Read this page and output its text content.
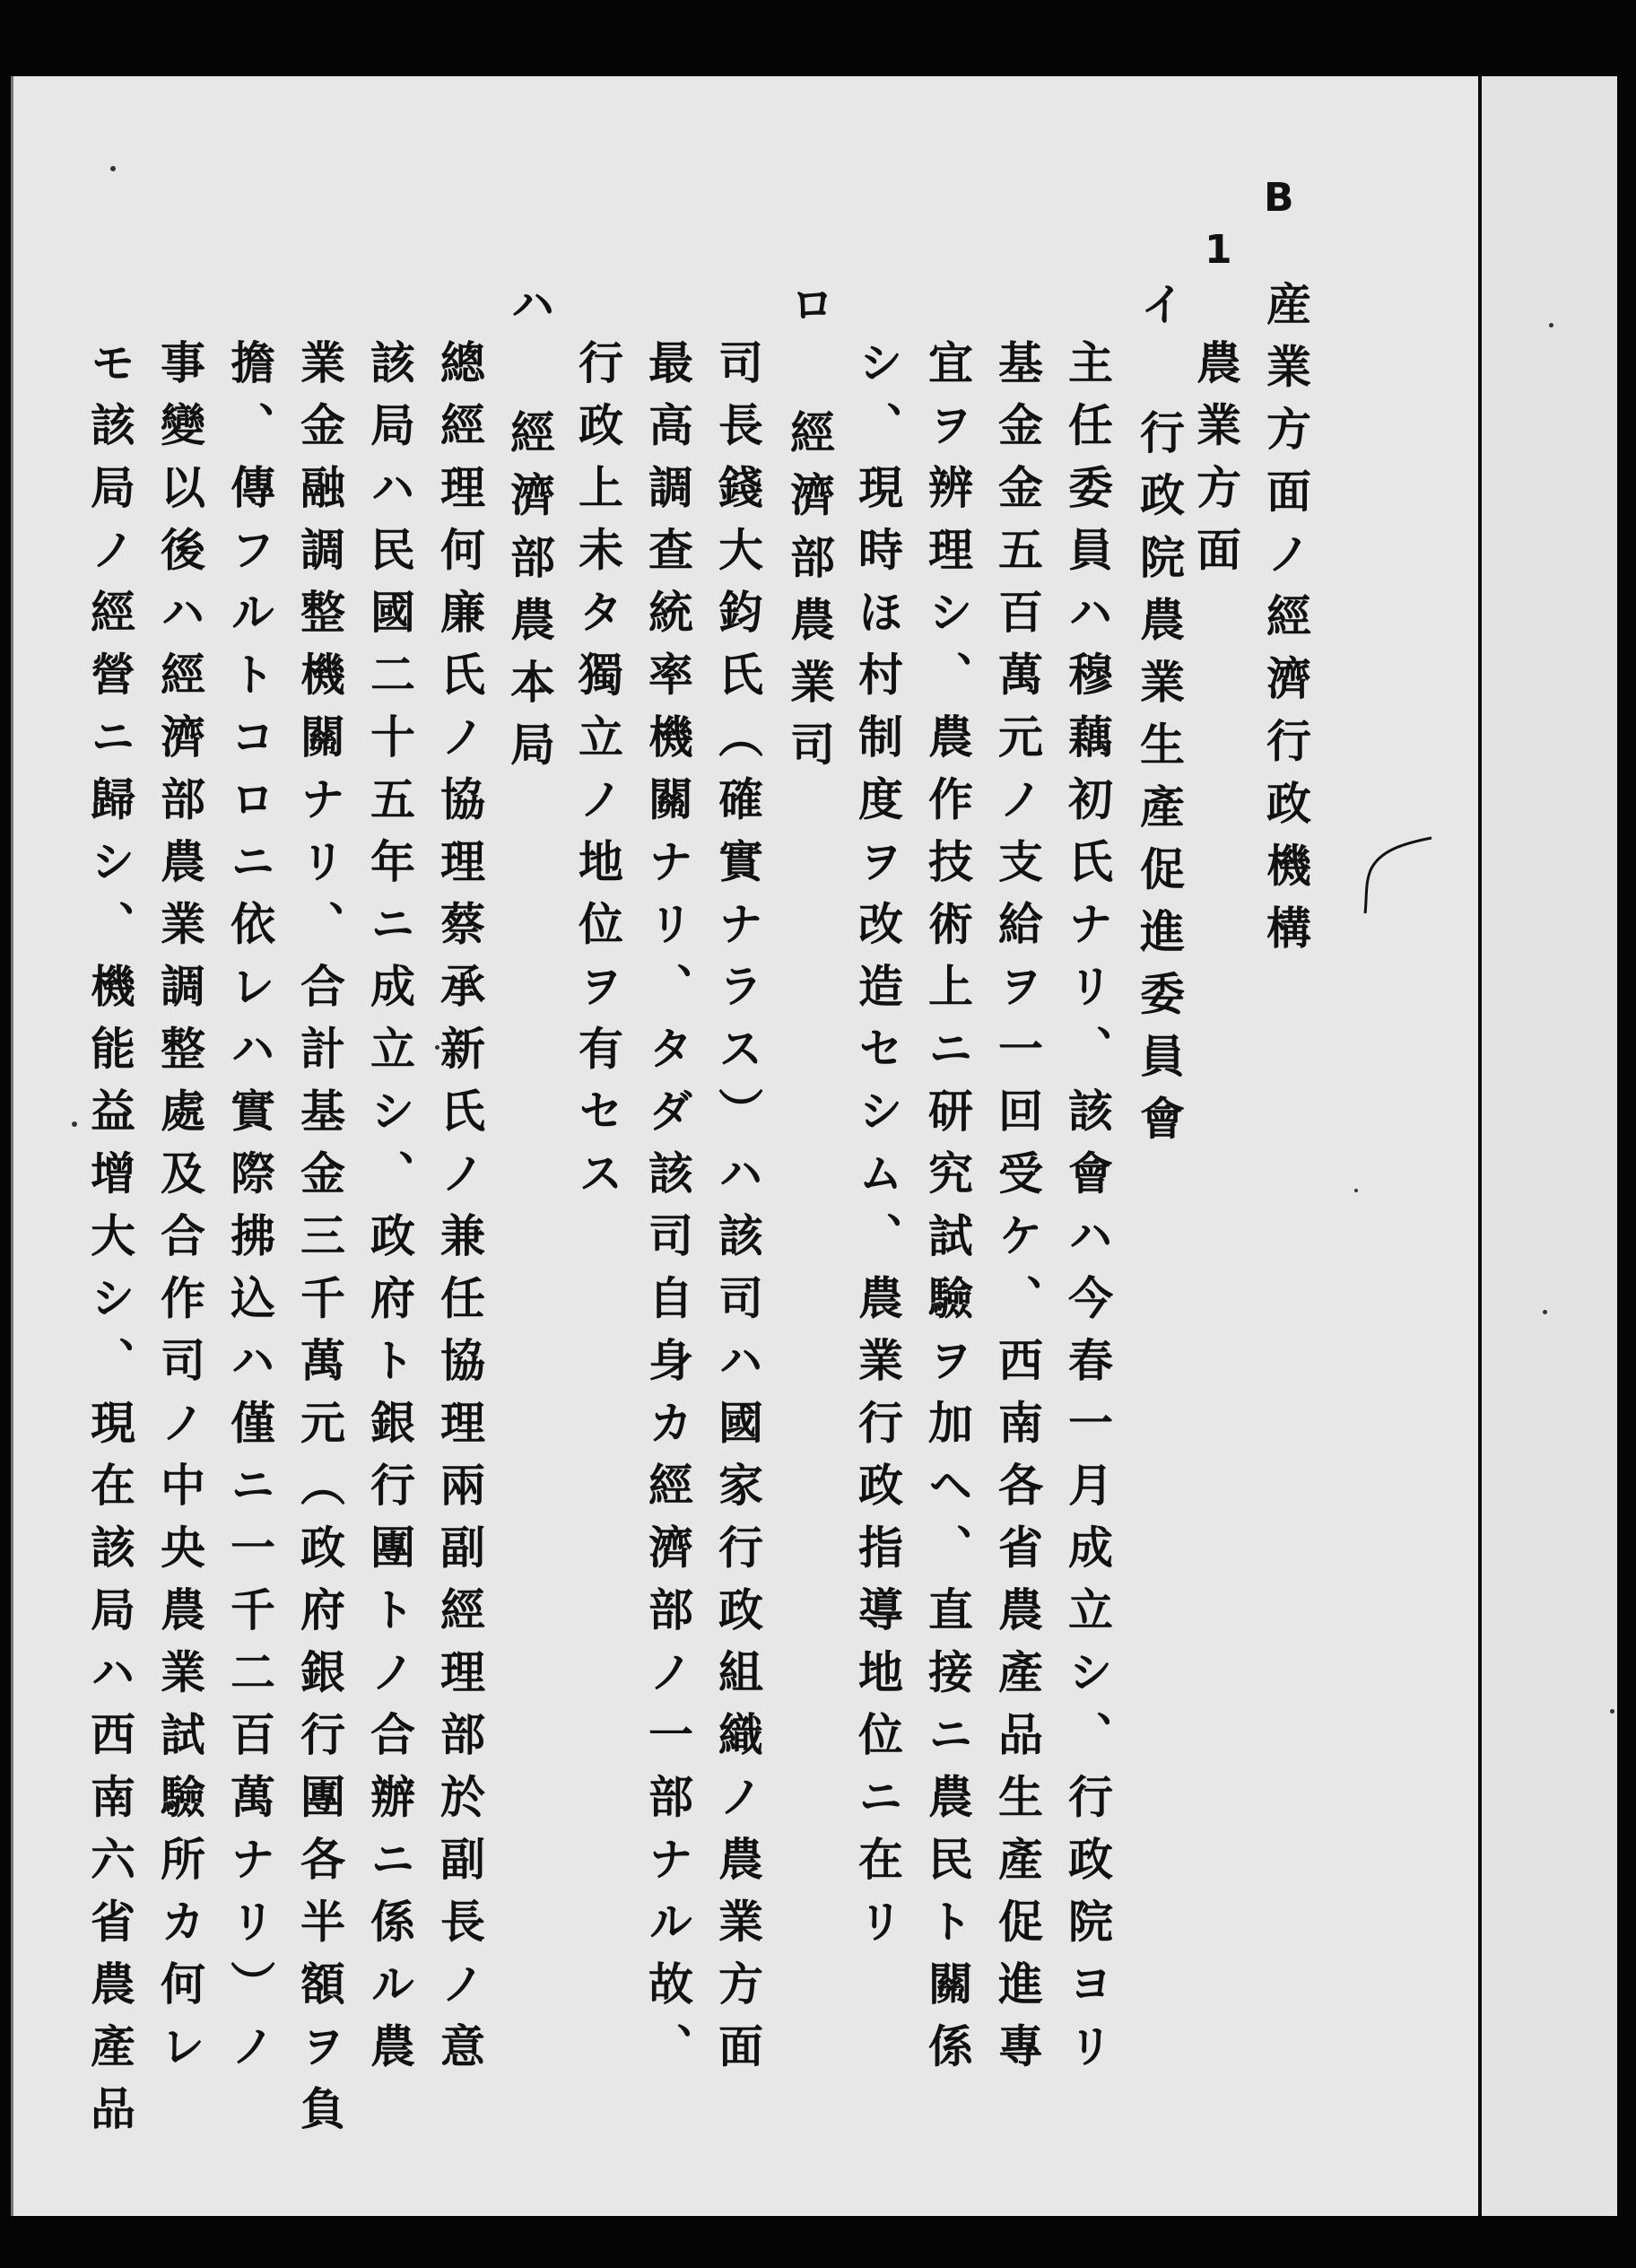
B
1
産業方面ノ經濟行政機構
農業方面
イ
行政院農業生產促進委員會
主任委員ハ穆藕初氏ナリ、該會ハ今春一月成立シ、行政院ヨリ
基金金五百萬元ノ支給ヲ一回受ケ、西南各省農產品生產促進專
宜ヲ辨理シ、農作技術上ニ研究試驗ヲ加ヘ、直接ニ農民ト關係
シ、現時ほ村制度ヲ改造セシム、農業行政指導地位ニ在リ
ロ
經濟部農業司
司長錢大鈞氏（確實ナラス）ハ該司ハ國家行政組織ノ農業方面
最高調查統率機關ナリ、タダ該司自身カ經濟部ノ一部ナル故、
行政上未タ獨立ノ地位ヲ有セス
ハ
經濟部農本局
總經理何廉氏ノ協理蔡承新氏ノ兼任協理兩副經理部於副長ノ意
該局ハ民國二十五年ニ成立シ、政府ト銀行團トノ合辦ニ係ル農
業金融調整機關ナリ、合計基金三千萬元（政府銀行團各半額ヲ負
擔、傳フルトコロニ依レハ實際拂込ハ僅ニ一千二百萬ナリ）ノ
事變以後ハ經濟部農業調整處及合作司ノ中央農業試驗所カ何レ
モ該局ノ經營ニ歸シ、機能益增大シ、現在該局ハ西南六省農產品
